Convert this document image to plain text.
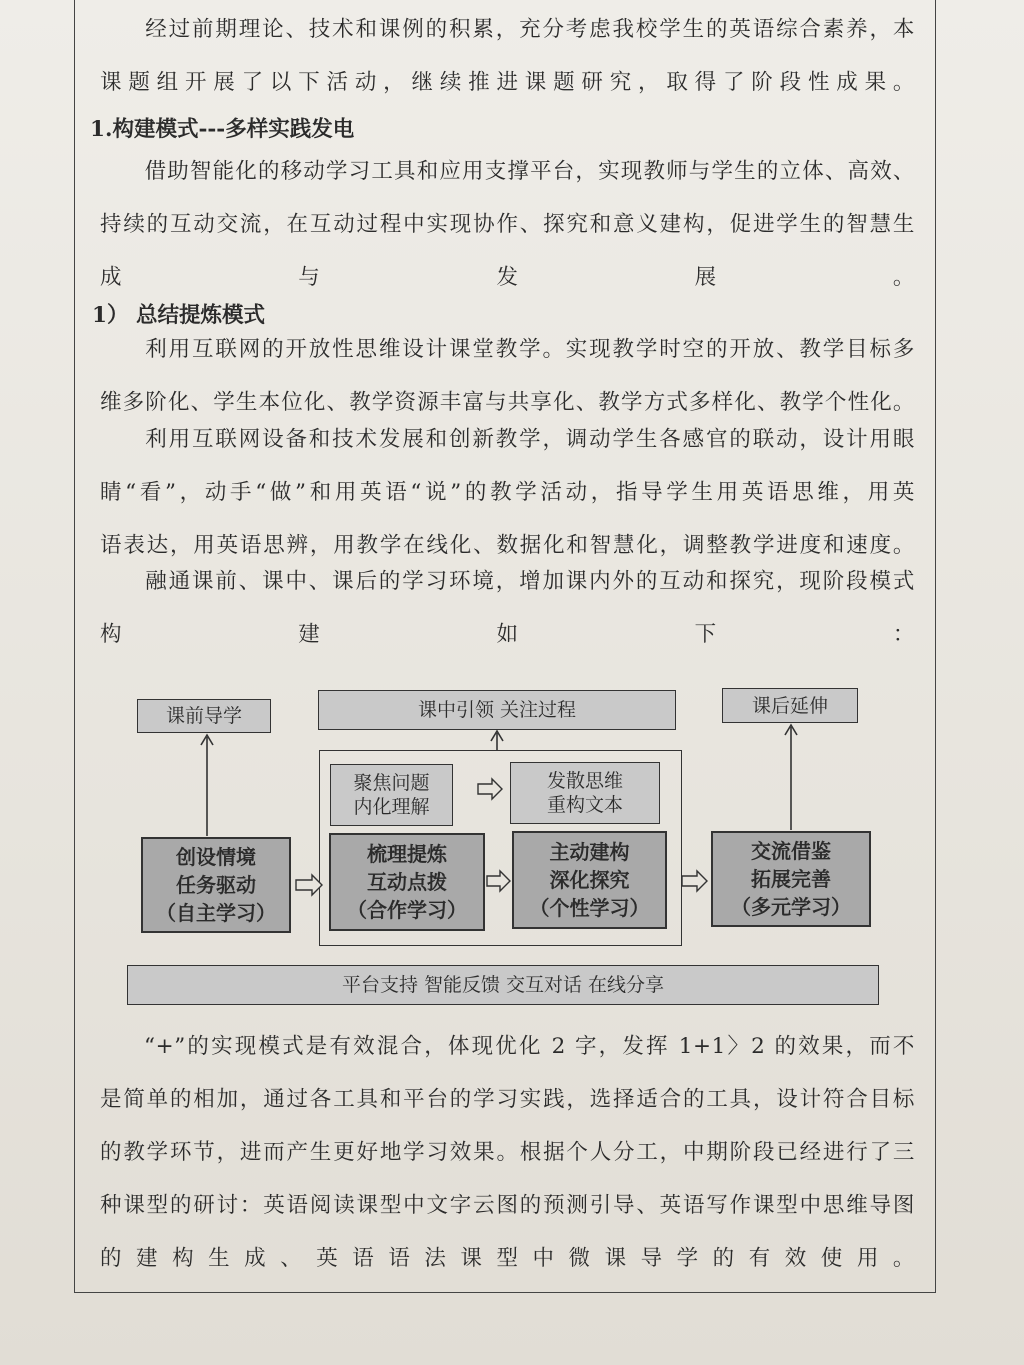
经过前期理论、技术和课例的积累，充分考虑我校学生的英语综合素养，本
课题组开展了以下活动，继续推进课题研究，取得了阶段性成果。

1.构建模式---多样实践发电

借助智能化的移动学习工具和应用支撑平台，实现教师与学生的立体、高效、
持续的互动交流，在互动过程中实现协作、探究和意义建构，促进学生的智慧生
成与发展。

1） 总结提炼模式

利用互联网的开放性思维设计课堂教学。实现教学时空的开放、教学目标多
维多阶化、学生本位化、教学资源丰富与共享化、教学方式多样化、教学个性化。

利用互联网设备和技术发展和创新教学，调动学生各感官的联动，设计用眼
睛“看”，动手“做”和用英语“说”的教学活动，指导学生用英语思维，用英
语表达，用英语思辨，用教学在线化、数据化和智慧化，调整教学进度和速度。

融通课前、课中、课后的学习环境，增加课内外的互动和探究，现阶段模式
构建如下：

课前导学	课中引领 关注过程	课后延伸
聚焦问题
内化理解
发散思维
重构文本
创设情境
任务驱动
（自主学习）
梳理提炼
互动点拨
（合作学习）
主动建构
深化探究
（个性学习）
交流借鉴
拓展完善
（多元学习）
平台支持 智能反馈 交互对话 在线分享

“+”的实现模式是有效混合，体现优化 2 字，发挥 1+1〉2 的效果，而不
是简单的相加，通过各工具和平台的学习实践，选择适合的工具，设计符合目标
的教学环节，进而产生更好地学习效果。根据个人分工，中期阶段已经进行了三
种课型的研讨：英语阅读课型中文字云图的预测引导、英语写作课型中思维导图
的建构生成、英语语法课型中微课导学的有效使用。
